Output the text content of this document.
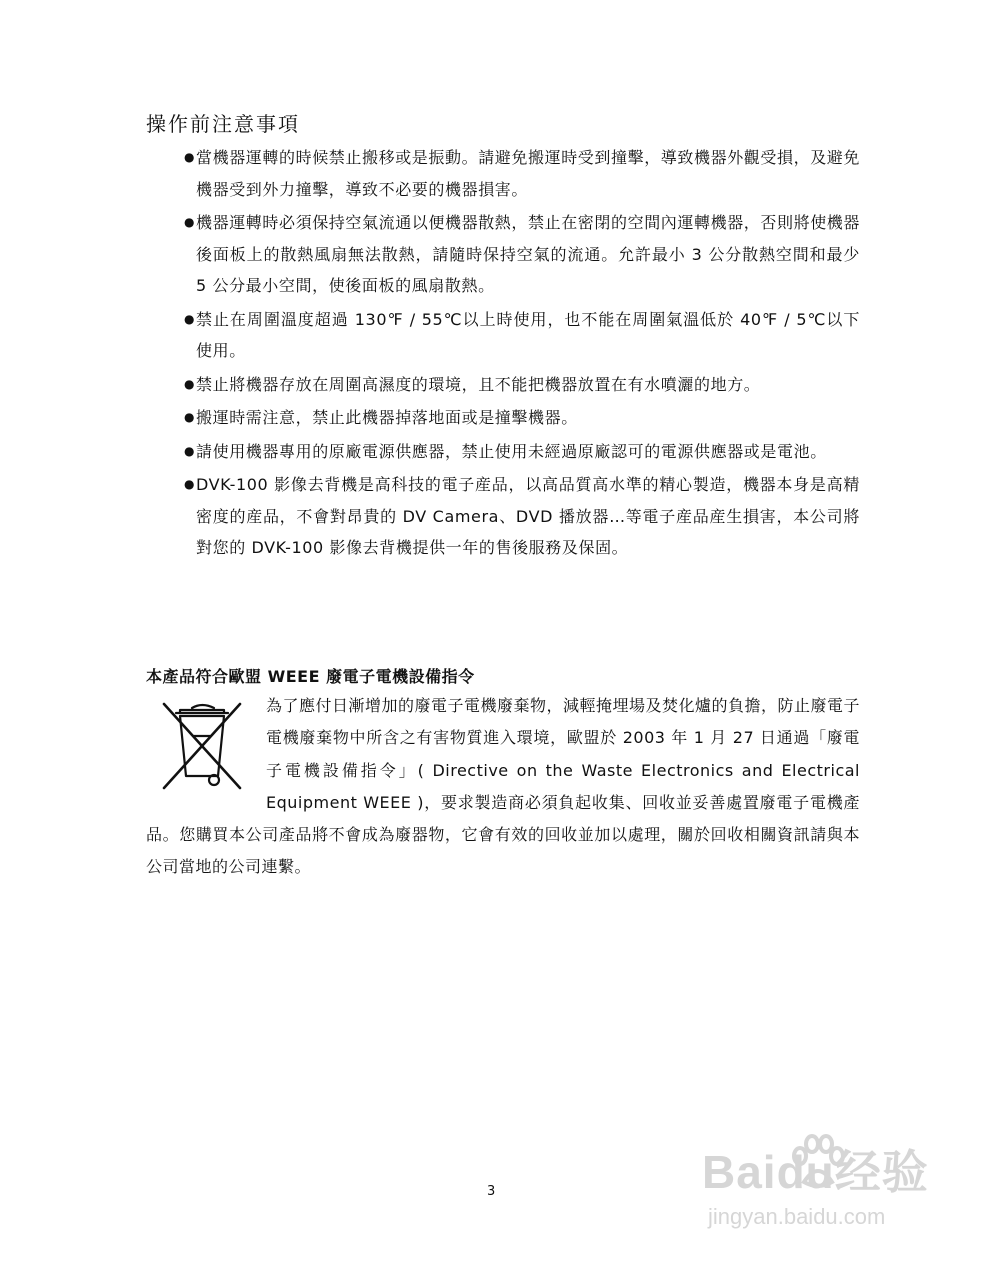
操作前注意事項
● 當機器運轉的時候禁止搬移或是振動。請避免搬運時受到撞擊，導致機器外觀受損，及避免機器受到外力撞擊，導致不必要的機器損害。
● 機器運轉時必須保持空氣流通以便機器散熱，禁止在密閉的空間內運轉機器，否則將使機器後面板上的散熱風扇無法散熱，請隨時保持空氣的流通。允許最小 3 公分散熱空間和最少 5 公分最小空間，使後面板的風扇散熱。
● 禁止在周圍溫度超過 130℉ / 55℃以上時使用，也不能在周圍氣溫低於 40℉ / 5℃以下使用。
● 禁止將機器存放在周圍高濕度的環境，且不能把機器放置在有水噴灑的地方。
● 搬運時需注意，禁止此機器掉落地面或是撞擊機器。
● 請使用機器專用的原廠電源供應器，禁止使用未經過原廠認可的電源供應器或是電池。
● DVK-100 影像去背機是高科技的電子産品，以高品質高水準的精心製造，機器本身是高精密度的産品，不會對昂貴的 DV Camera、DVD 播放器…等電子産品産生損害，本公司將對您的 DVK-100 影像去背機提供一年的售後服務及保固。
本產品符合歐盟 WEEE 廢電子電機設備指令

為了應付日漸增加的廢電子電機廢棄物，減輕掩埋場及焚化爐的負擔，防止廢電子電機廢棄物中所含之有害物質進入環境，歐盟於 2003 年 1 月 27 日通過「廢電子電機設備指令」( Directive on the Waste Electronics and Electrical Equipment WEEE )，要求製造商必須負起收集、回收並妥善處置廢電子電機產品。您購買本公司產品將不會成為廢器物，它會有效的回收並加以處理，關於回收相關資訊請與本公司當地的公司連繫。

3	Baidu经验
jingyan.baidu.com
